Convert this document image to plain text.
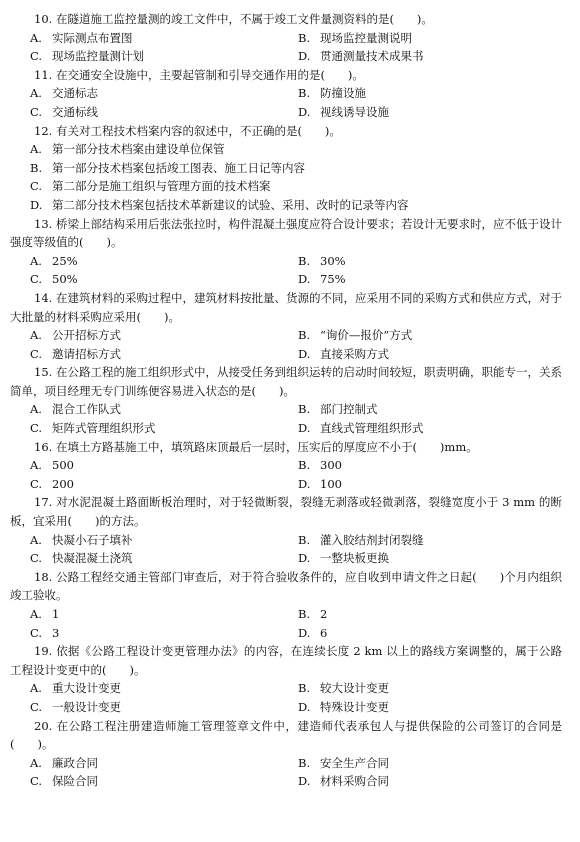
10. 在隧道施工监控量测的竣工文件中，不属于竣工文件量测资料的是(　　)。

A. 实际测点布置图	B. 现场监控量测说明
C. 现场监控量测计划	D. 贯通测量技术成果书

11. 在交通安全设施中，主要起管制和引导交通作用的是(　　)。

A. 交通标志	B. 防撞设施
C. 交通标线	D. 视线诱导设施

12. 有关对工程技术档案内容的叙述中，不正确的是(　　)。

A. 第一部分技术档案由建设单位保管
B. 第一部分技术档案包括竣工图表、施工日记等内容
C. 第二部分是施工组织与管理方面的技术档案
D. 第二部分技术档案包括技术革新建议的试验、采用、改时的记录等内容

13. 桥梁上部结构采用后张法张拉时，构件混凝土强度应符合设计要求；若设计无要求时，应不低于设计强度等级值的(　　)。

A. 25%	B. 30%
C. 50%	D. 75%

14. 在建筑材料的采购过程中，建筑材料按批量、货源的不同，应采用不同的采购方式和供应方式，对于大批量的材料采购应采用(　　)。

A. 公开招标方式	B. “询价—报价”方式
C. 邀请招标方式	D. 直接采购方式

15. 在公路工程的施工组织形式中，从接受任务到组织运转的启动时间较短，职责明确，职能专一，关系简单，项目经理无专门训练便容易进入状态的是(　　)。

A. 混合工作队式	B. 部门控制式
C. 矩阵式管理组织形式	D. 直线式管理组织形式

16. 在填土方路基施工中，填筑路床顶最后一层时，压实后的厚度应不小于(　　)mm。

A. 500	B. 300
C. 200	D. 100

17. 对水泥混凝土路面断板治理时，对于轻微断裂，裂缝无剥落或轻微剥落，裂缝宽度小于 3 mm 的断板，宜采用(　　)的方法。

A. 快凝小石子填补	B. 灌入胶结剂封闭裂缝
C. 快凝混凝土浇筑	D. 一整块板更换

18. 公路工程经交通主管部门审查后，对于符合验收条件的，应自收到申请文件之日起(　　)个月内组织竣工验收。

A. 1	B. 2
C. 3	D. 6

19. 依据《公路工程设计变更管理办法》的内容，在连续长度 2 km 以上的路线方案调整的，属于公路工程设计变更中的(　　)。

A. 重大设计变更	B. 较大设计变更
C. 一般设计变更	D. 特殊设计变更

20. 在公路工程注册建造师施工管理签章文件中，建造师代表承包人与提供保险的公司签订的合同是(　　)。

A. 廉政合同	B. 安全生产合同
C. 保险合同	D. 材料采购合同
